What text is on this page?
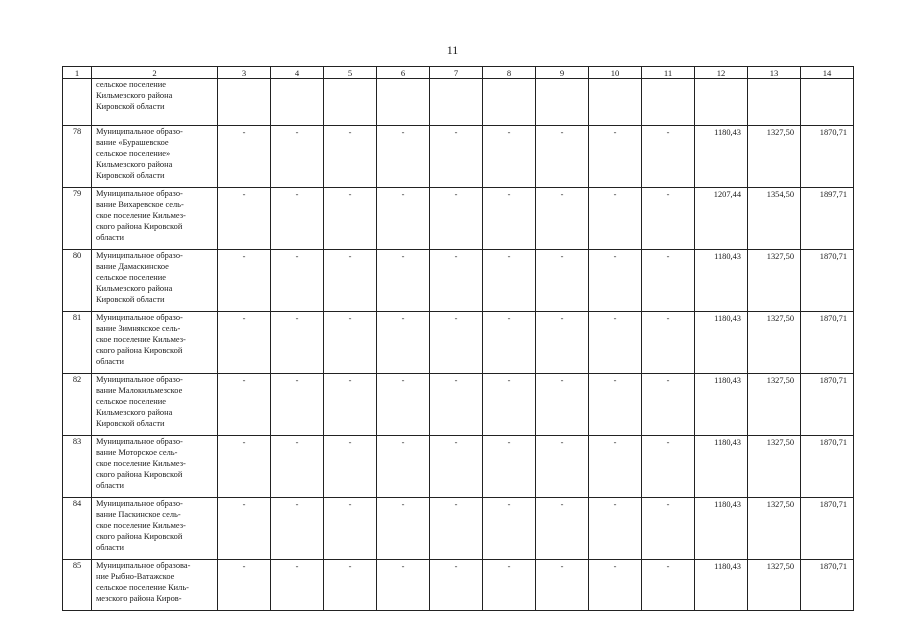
11
1	2	3	4	5	6	7	8	9	10	11	12	13	14

	сельское поселение
Кильмезского района
Кировской области												

78	Муниципальное образо-
вание «Бурашевское
сельское поселение»
Кильмезского района
Кировской области	-	-	-	-	-	-	-	-	-	1180,43	1327,50	1870,71
79	Муниципальное образо-
вание Вихаревское сель-
ское поселение Кильмез-
ского района Кировской
области	-	-	-	-	-	-	-	-	-	1207,44	1354,50	1897,71
80	Муниципальное образо-
вание Дамаскинское
сельское поселение
Кильмезского района
Кировской области	-	-	-	-	-	-	-	-	-	1180,43	1327,50	1870,71
81	Муниципальное образо-
вание Зимнякское сель-
ское поселение Кильмез-
ского района Кировской
области	-	-	-	-	-	-	-	-	-	1180,43	1327,50	1870,71
82	Муниципальное образо-
вание Малокильмезское
сельское поселение
Кильмезского района
Кировской области	-	-	-	-	-	-	-	-	-	1180,43	1327,50	1870,71
83	Муниципальное образо-
вание Моторское сель-
ское поселение Кильмез-
ского района Кировской
области	-	-	-	-	-	-	-	-	-	1180,43	1327,50	1870,71
84	Муниципальное образо-
вание Паскинское сель-
ское поселение Кильмез-
ского района Кировской
области	-	-	-	-	-	-	-	-	-	1180,43	1327,50	1870,71
85	Муниципальное образова-
ние Рыбно-Ватажское
сельское поселение Киль-
мезского района Киров-	-	-	-	-	-	-	-	-	-	1180,43	1327,50	1870,71
